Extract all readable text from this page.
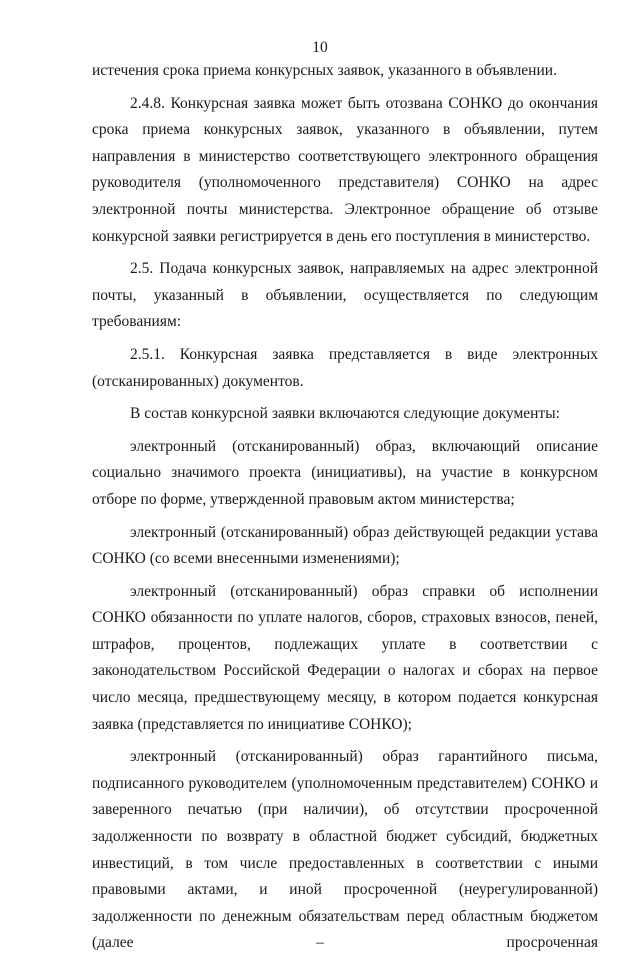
10

истечения срока приема конкурсных заявок, указанного в объявлении.

2.4.8. Конкурсная заявка может быть отозвана СОНКО до окончания срока приема конкурсных заявок, указанного в объявлении, путем направления в министерство соответствующего электронного обращения руководителя (уполномоченного представителя) СОНКО на адрес электронной почты министерства. Электронное обращение об отзыве конкурсной заявки регистрируется в день его поступления в министерство.

2.5. Подача конкурсных заявок, направляемых на адрес электронной почты, указанный в объявлении, осуществляется по следующим требованиям:

2.5.1. Конкурсная заявка представляется в виде электронных (отсканированных) документов.

В состав конкурсной заявки включаются следующие документы:

электронный (отсканированный) образ, включающий описание социально значимого проекта (инициативы), на участие в конкурсном отборе по форме, утвержденной правовым актом министерства;

электронный (отсканированный) образ действующей редакции устава СОНКО (со всеми внесенными изменениями);

электронный (отсканированный) образ справки об исполнении СОНКО обязанности по уплате налогов, сборов, страховых взносов, пеней, штрафов, процентов, подлежащих уплате в соответствии с законодательством Российской Федерации о налогах и сборах на первое число месяца, предшествующему месяцу, в котором подается конкурсная заявка (представляется по инициативе СОНКО);

электронный (отсканированный) образ гарантийного письма, подписанного руководителем (уполномоченным представителем) СОНКО и заверенного печатью (при наличии), об отсутствии просроченной задолженности по возврату в областной бюджет субсидий, бюджетных инвестиций, в том числе предоставленных в соответствии с иными правовыми актами, и иной просроченной (неурегулированной) задолженности по денежным обязательствам перед областным бюджетом (далее – просроченная
